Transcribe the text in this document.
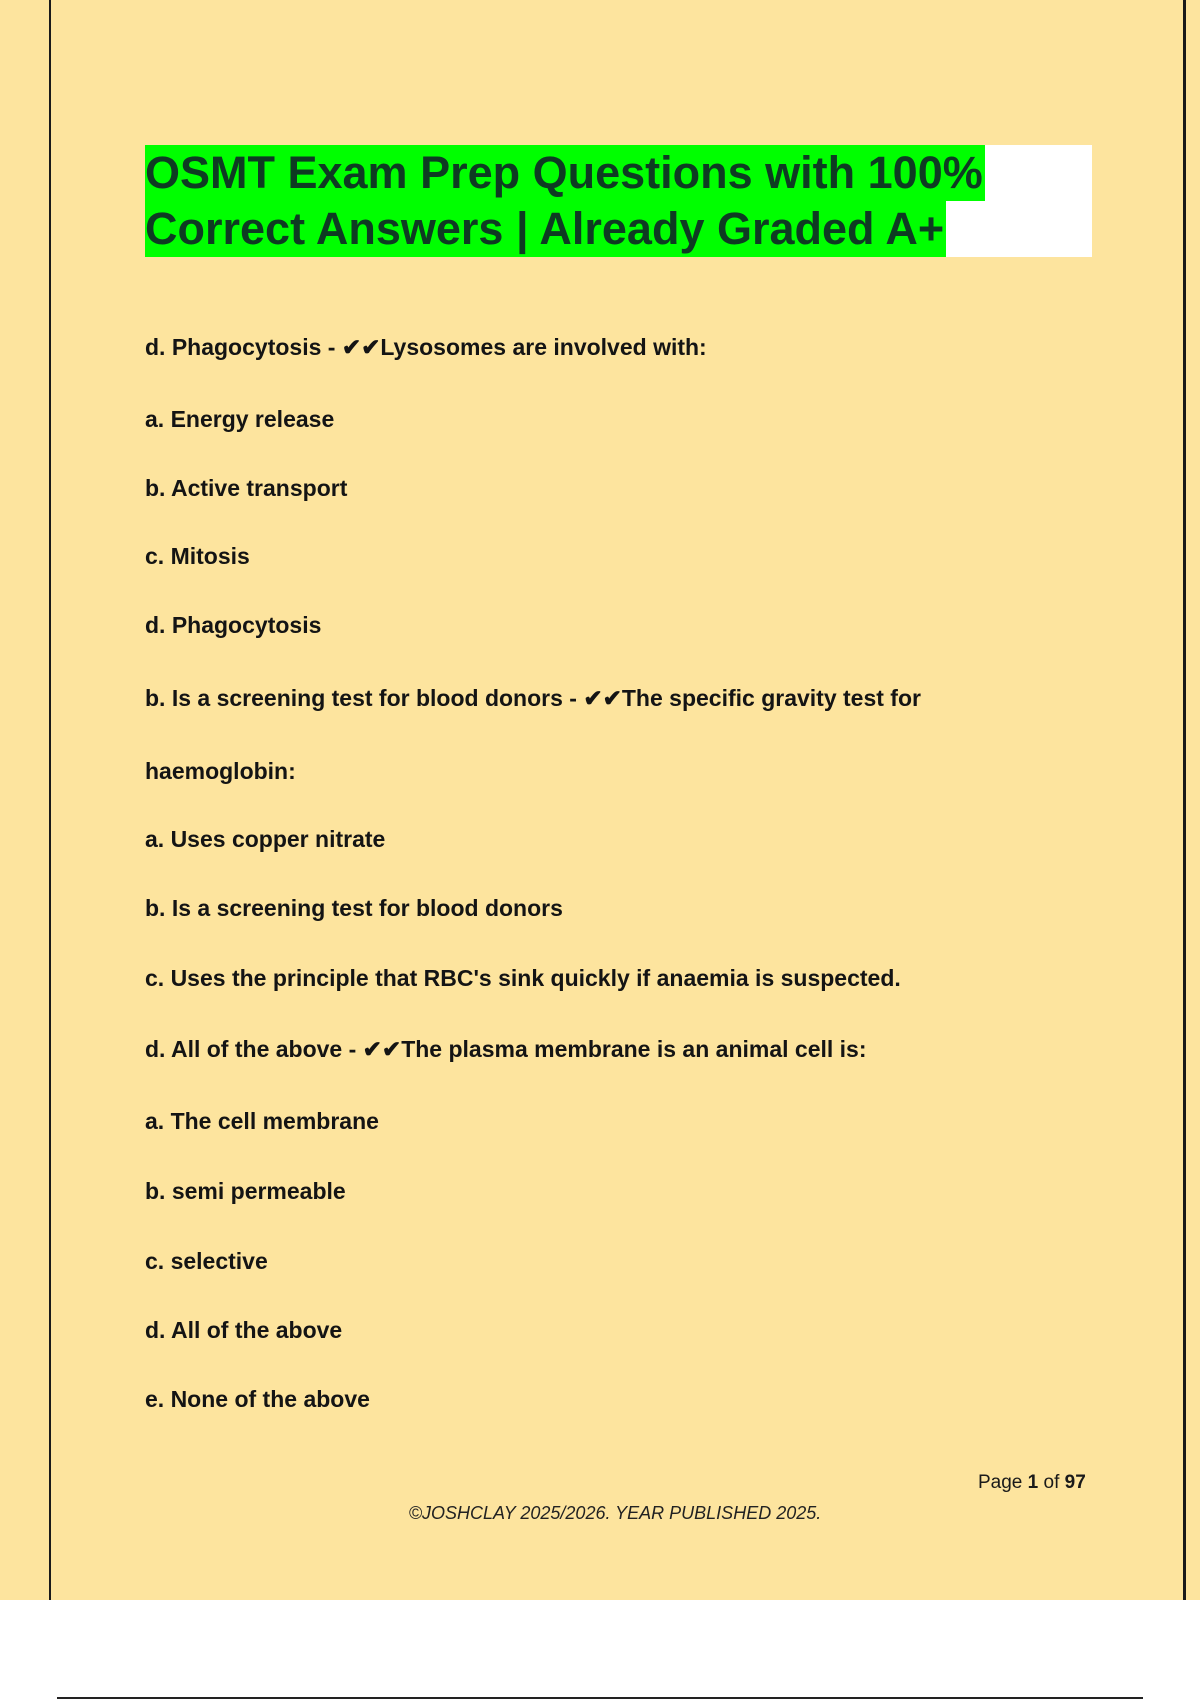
OSMT Exam Prep Questions with 100%
Correct Answers | Already Graded A+
d. Phagocytosis - ✔✔Lysosomes are involved with:
a. Energy release
b. Active transport
c. Mitosis
d. Phagocytosis
b. Is a screening test for blood donors - ✔✔The specific gravity test for
haemoglobin:
a. Uses copper nitrate
b. Is a screening test for blood donors
c. Uses the principle that RBC's sink quickly if anaemia is suspected.
d. All of the above - ✔✔The plasma membrane is an animal cell is:
a. The cell membrane
b. semi permeable
c. selective
d. All of the above
e. None of the above
Page 1 of 97
©JOSHCLAY 2025/2026. YEAR PUBLISHED 2025.
